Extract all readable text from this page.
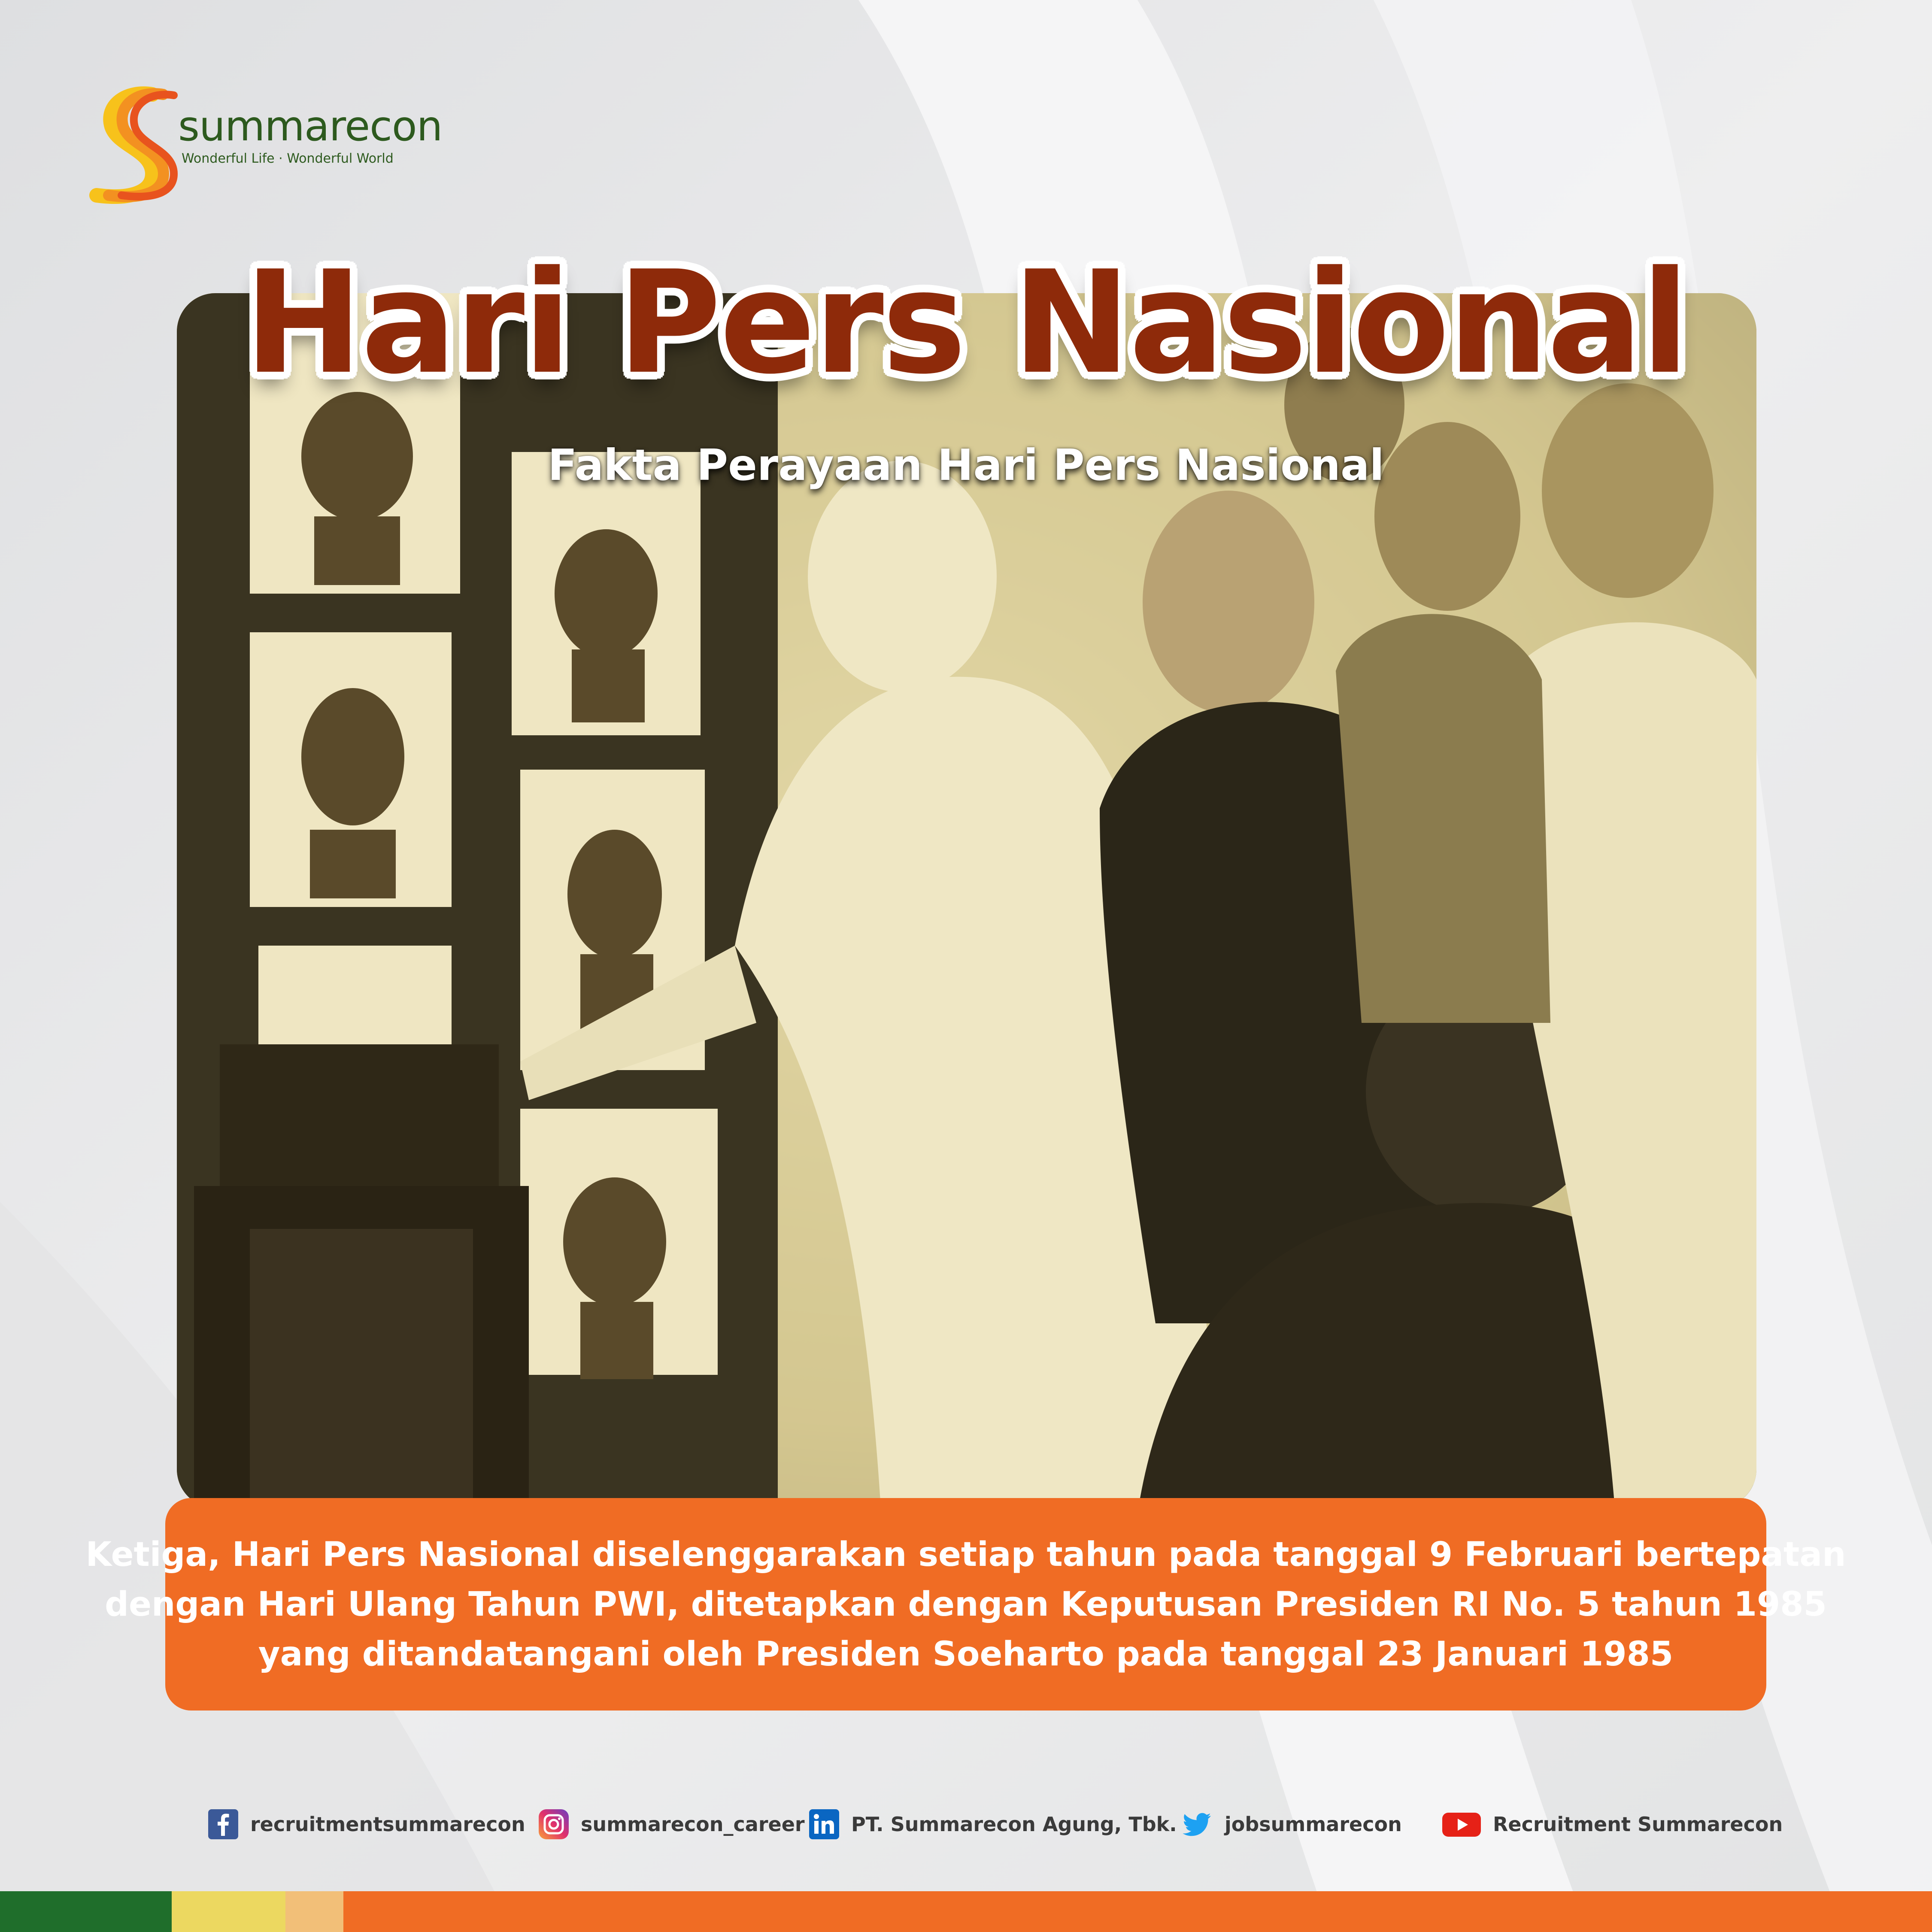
summarecon
Wonderful Life · Wonderful World
Hari Pers Nasional
Fakta Perayaan Hari Pers Nasional
Ketiga, Hari Pers Nasional diselenggarakan setiap tahun pada tanggal 9 Februari bertepatan
dengan Hari Ulang Tahun PWI, ditetapkan dengan Keputusan Presiden RI No. 5 tahun 1985
yang ditandatangani oleh Presiden Soeharto pada tanggal 23 Januari 1985
recruitmentsummarecon	summarecon_career PT. Summarecon Agung, Tbk. jobsummarecon	Recruitment Summarecon
